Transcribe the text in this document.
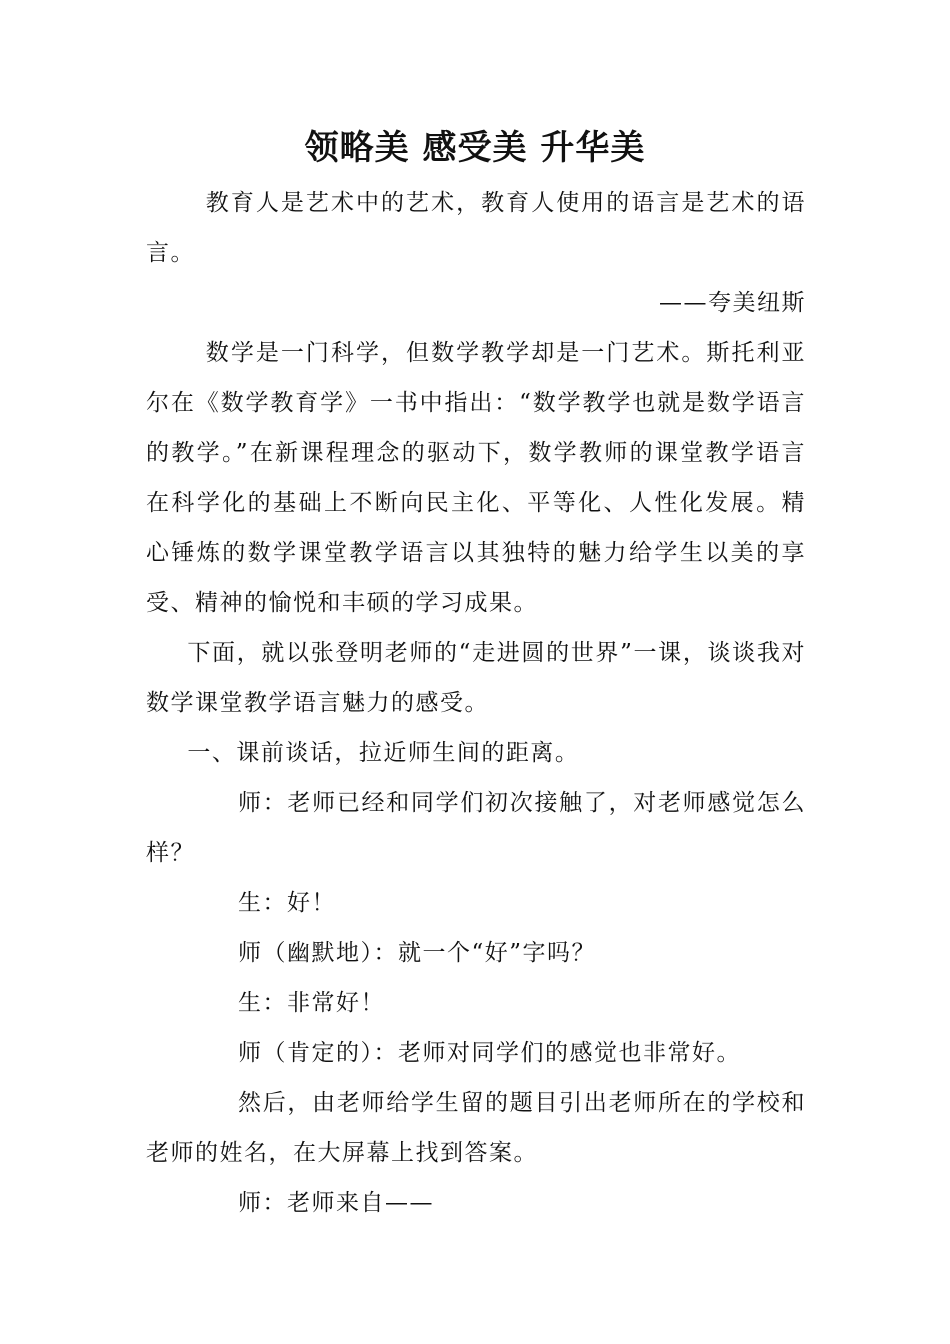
领略美 感受美 升华美

教育人是艺术中的艺术，教育人使用的语言是艺术的语言。

——夸美纽斯

数学是一门科学，但数学教学却是一门艺术。斯托利亚尔在《数学教育学》一书中指出：“数学教学也就是数学语言的教学。”在新课程理念的驱动下，数学教师的课堂教学语言在科学化的基础上不断向民主化、平等化、人性化发展。精心锤炼的数学课堂教学语言以其独特的魅力给学生以美的享受、精神的愉悦和丰硕的学习成果。

下面，就以张登明老师的“走进圆的世界”一课，谈谈我对数学课堂教学语言魅力的感受。

一、课前谈话，拉近师生间的距离。

师：老师已经和同学们初次接触了，对老师感觉怎么样？

生：好！

师（幽默地）：就一个“好”字吗？

生：非常好！

师（肯定的）：老师对同学们的感觉也非常好。

然后，由老师给学生留的题目引出老师所在的学校和老师的姓名，在大屏幕上找到答案。

师：老师来自——
